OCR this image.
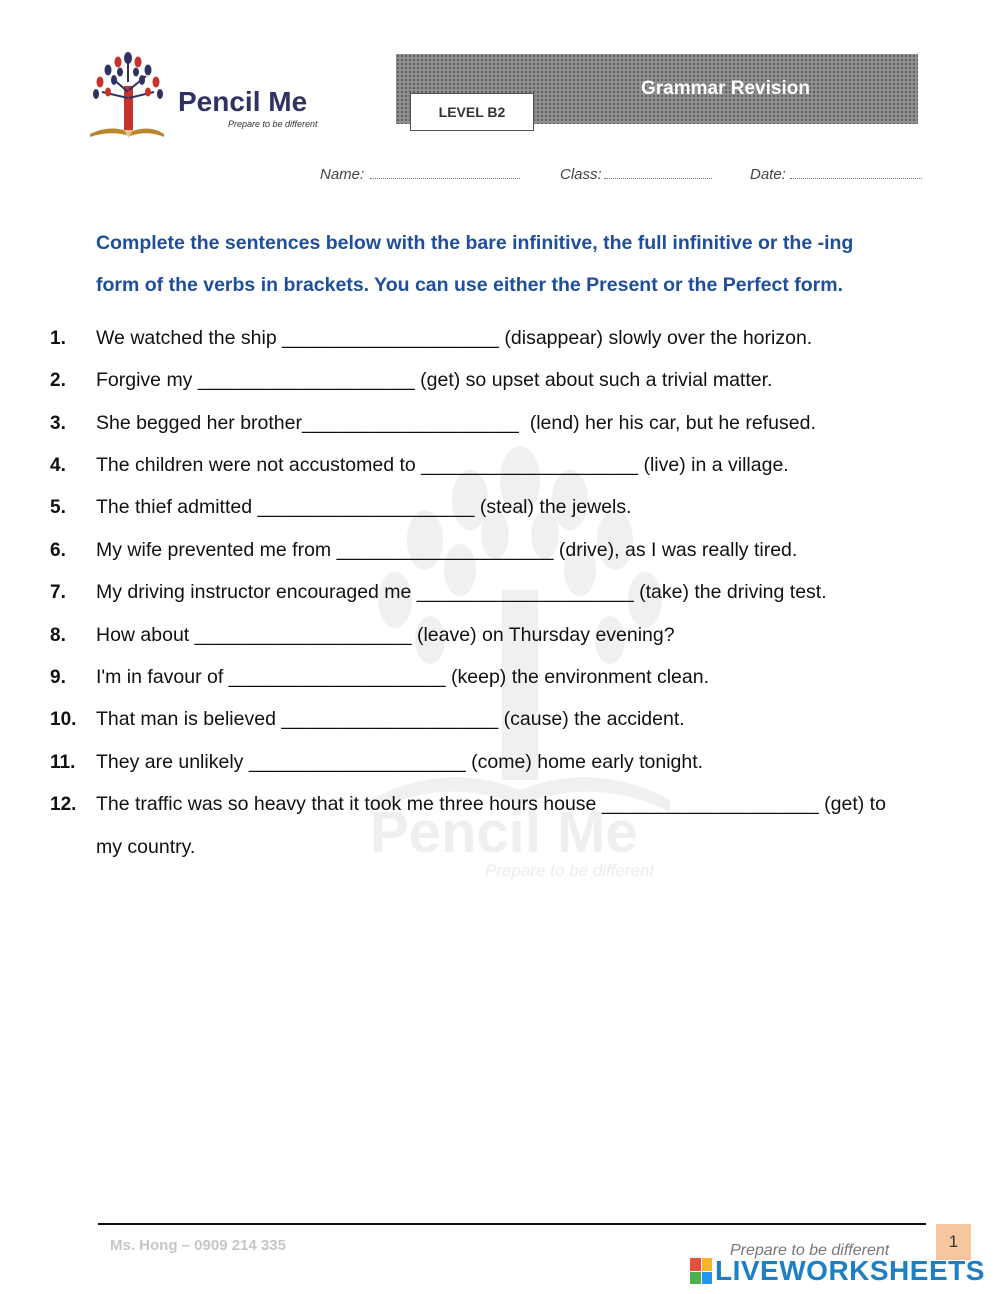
Pencil Me
Prepare to be different
Grammar Revision
LEVEL B2
Name:	Class:	Date:
Pencil Me
Prepare to be different
Complete the sentences below with the bare infinitive, the full infinitive or the -ing
form of the verbs in brackets. You can use either the Present or the Perfect form.
1. We watched the ship ____________________ (disappear) slowly over the horizon.
2. Forgive my ____________________ (get) so upset about such a trivial matter.
3. She begged her brother____________________  (lend) her his car, but he refused.
4. The children were not accustomed to ____________________ (live) in a village.
5. The thief admitted ____________________ (steal) the jewels.
6. My wife prevented me from ____________________ (drive), as I was really tired.
7. My driving instructor encouraged me ____________________ (take) the driving test.
8. How about ____________________ (leave) on Thursday evening?
9. I'm in favour of ____________________ (keep) the environment clean.
10. That man is believed ____________________ (cause) the accident.
11. They are unlikely ____________________ (come) home early tonight.
12. The traffic was so heavy that it took me three hours house ____________________ (get) to
my country.
Ms. Hong – 0909 214 335	Prepare to be different	1
LIVEWORKSHEETS
